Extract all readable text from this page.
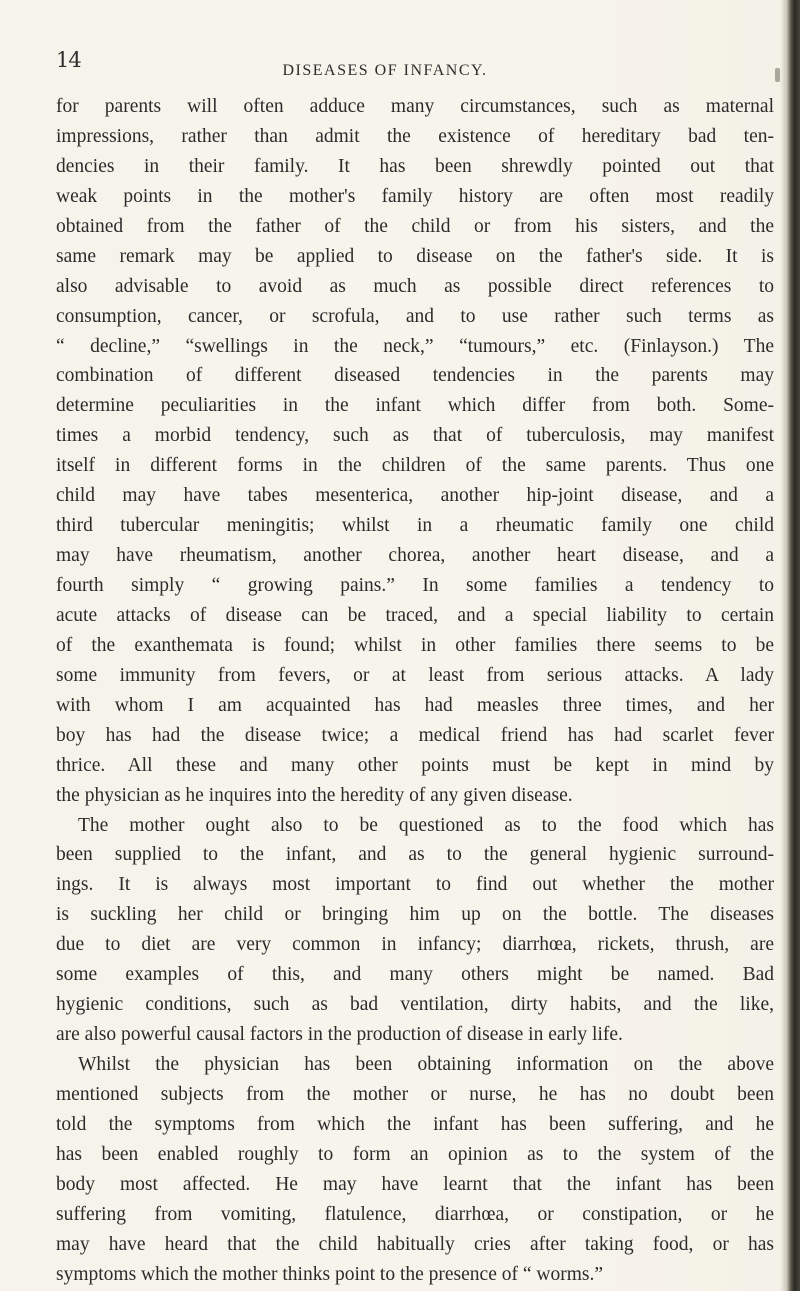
14	DISEASES OF INFANCY.
for parents will often adduce many circumstances, such as maternal
impressions, rather than admit the existence of hereditary bad ten-
dencies in their family. It has been shrewdly pointed out that
weak points in the mother's family history are often most readily
obtained from the father of the child or from his sisters, and the
same remark may be applied to disease on the father's side. It is
also advisable to avoid as much as possible direct references to
consumption, cancer, or scrofula, and to use rather such terms as
“ decline,” “swellings in the neck,” “tumours,” etc. (Finlayson.) The
combination of different diseased tendencies in the parents may
determine peculiarities in the infant which differ from both. Some-
times a morbid tendency, such as that of tuberculosis, may manifest
itself in different forms in the children of the same parents. Thus one
child may have tabes mesenterica, another hip-joint disease, and a
third tubercular meningitis; whilst in a rheumatic family one child
may have rheumatism, another chorea, another heart disease, and a
fourth simply “ growing pains.” In some families a tendency to
acute attacks of disease can be traced, and a special liability to certain
of the exanthemata is found; whilst in other families there seems to be
some immunity from fevers, or at least from serious attacks. A lady
with whom I am acquainted has had measles three times, and her
boy has had the disease twice; a medical friend has had scarlet fever
thrice. All these and many other points must be kept in mind by
the physician as he inquires into the heredity of any given disease.
The mother ought also to be questioned as to the food which has
been supplied to the infant, and as to the general hygienic surround-
ings. It is always most important to find out whether the mother
is suckling her child or bringing him up on the bottle. The diseases
due to diet are very common in infancy; diarrhœa, rickets, thrush, are
some examples of this, and many others might be named. Bad
hygienic conditions, such as bad ventilation, dirty habits, and the like,
are also powerful causal factors in the production of disease in early life.
Whilst the physician has been obtaining information on the above
mentioned subjects from the mother or nurse, he has no doubt been
told the symptoms from which the infant has been suffering, and he
has been enabled roughly to form an opinion as to the system of the
body most affected. He may have learnt that the infant has been
suffering from vomiting, flatulence, diarrhœa, or constipation, or he
may have heard that the child habitually cries after taking food, or has
symptoms which the mother thinks point to the presence of “ worms.”
